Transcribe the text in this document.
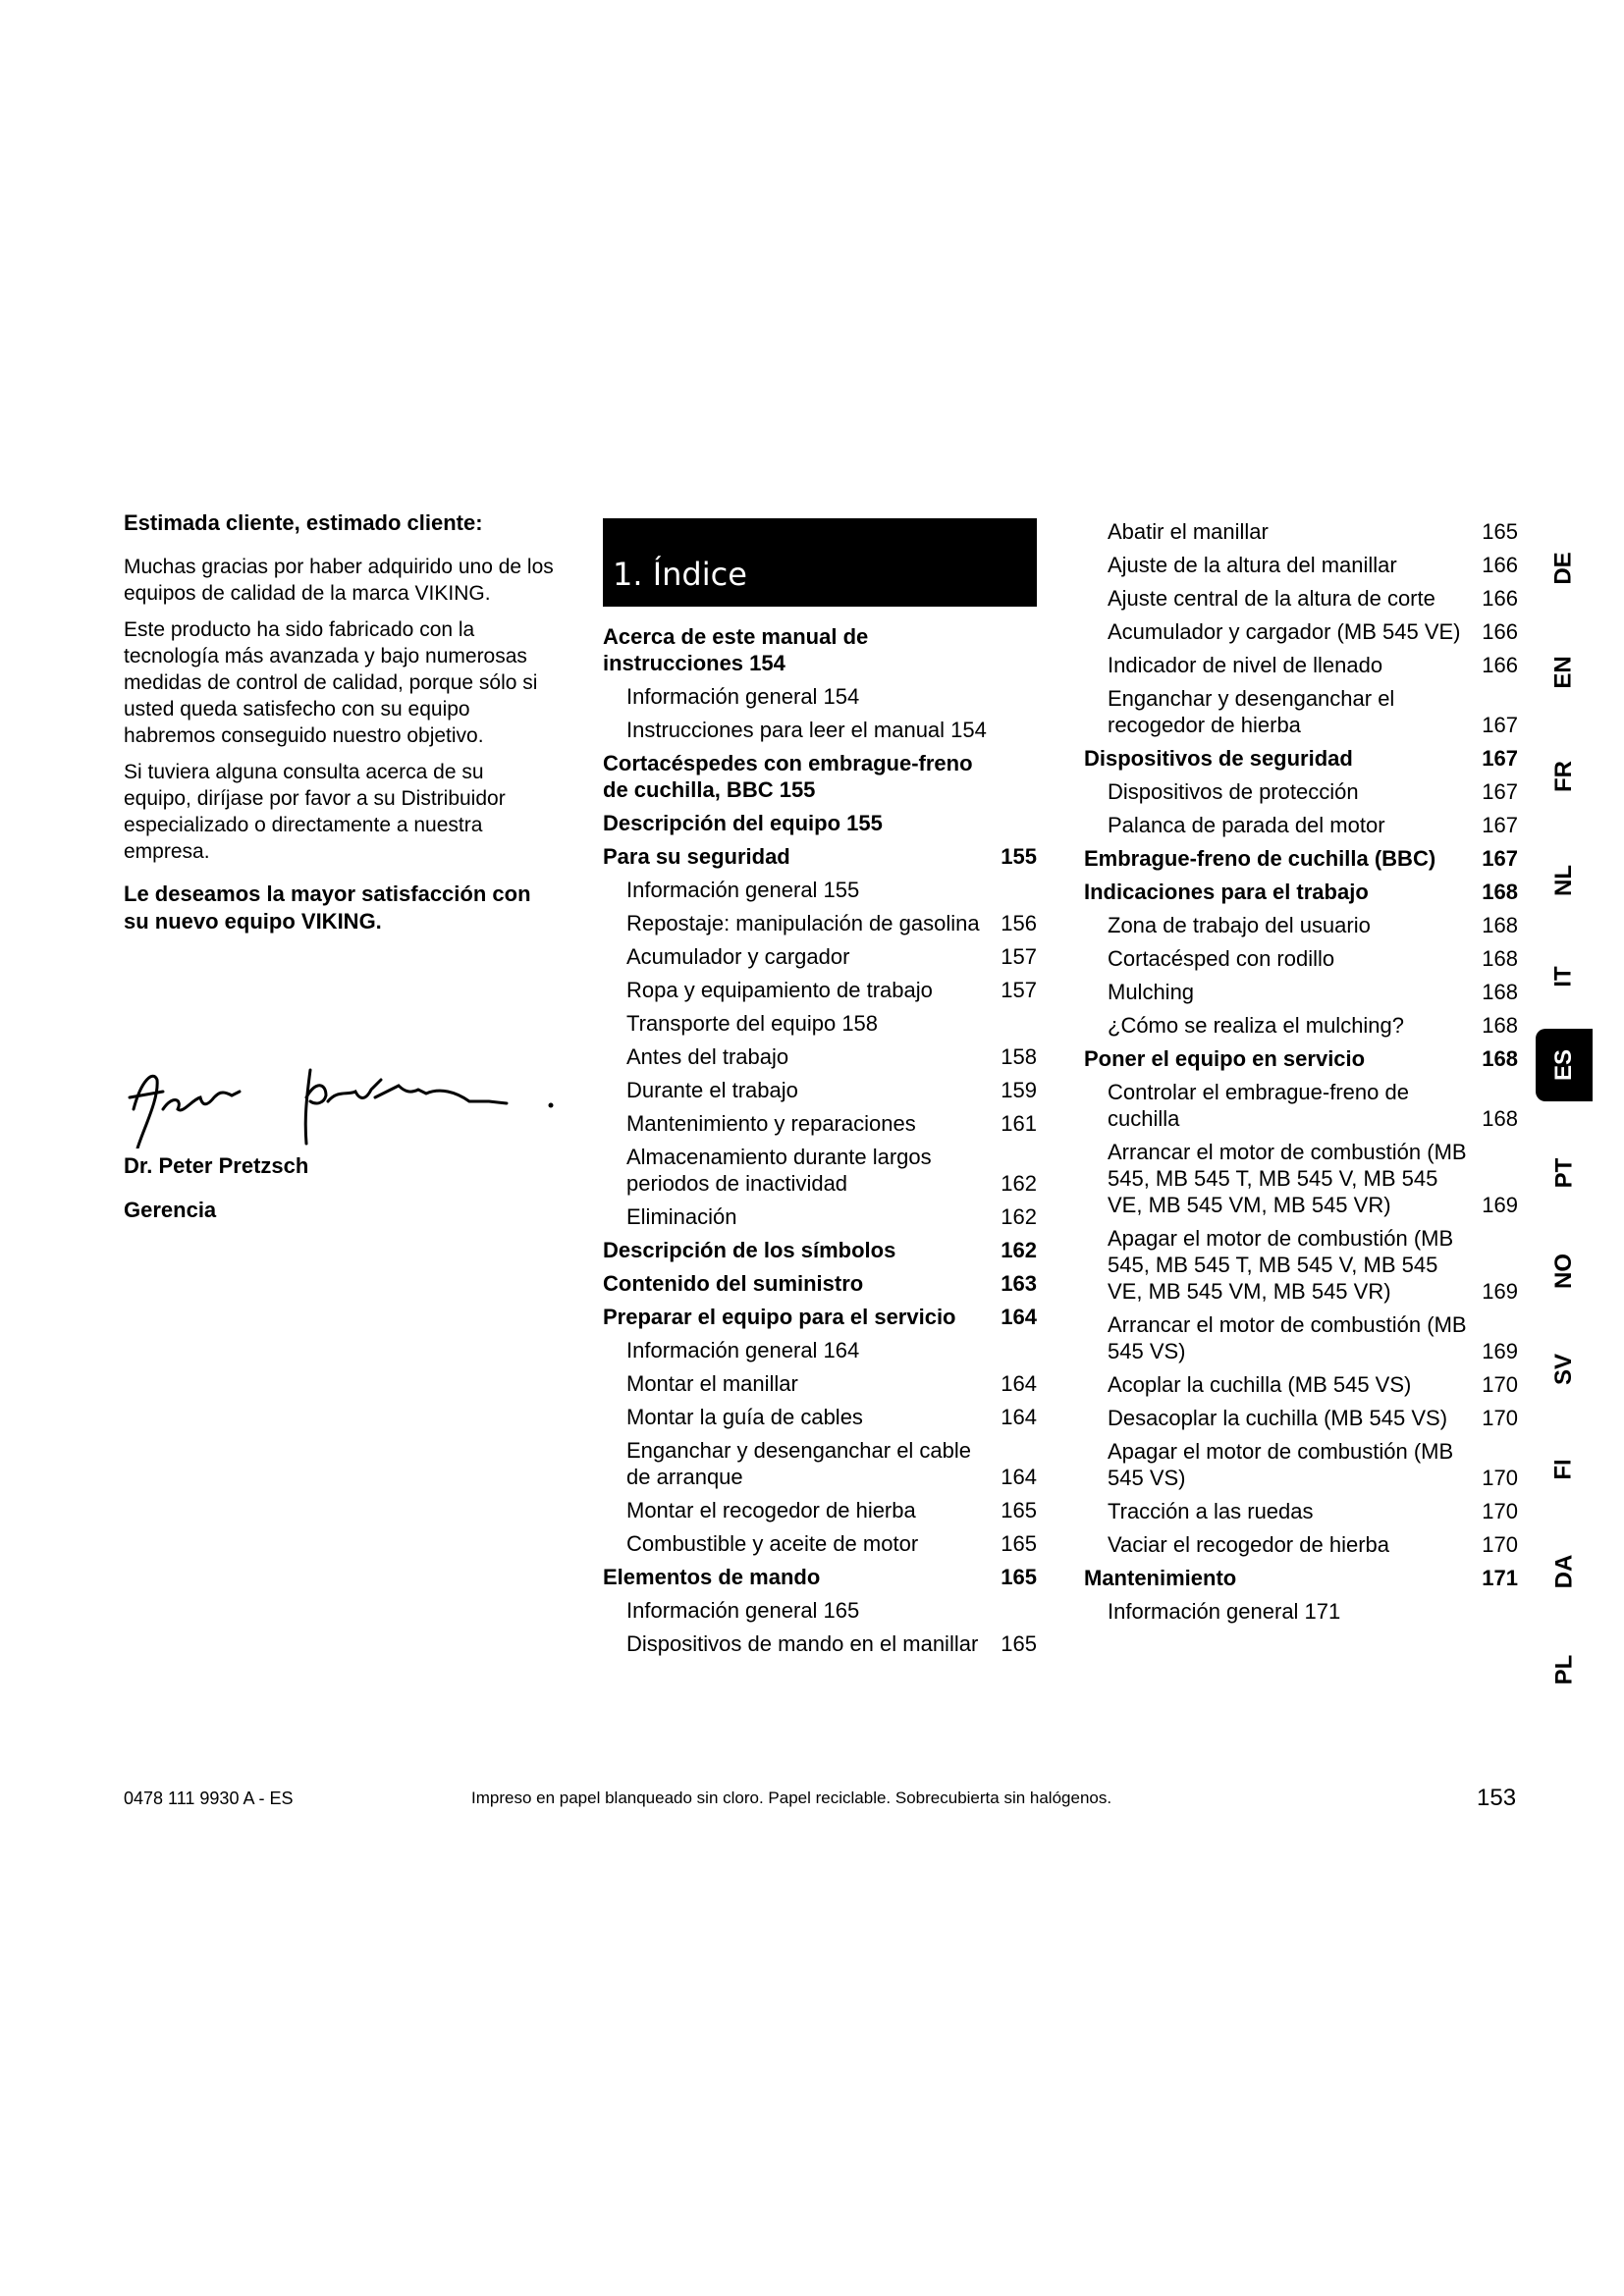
Estimada cliente, estimado cliente:

Muchas gracias por haber adquirido uno de los equipos de calidad de la marca VIKING.

Este producto ha sido fabricado con la tecnología más avanzada y bajo numerosas medidas de control de calidad, porque sólo si usted queda satisfecho con su equipo habremos conseguido nuestro objetivo.

Si tuviera alguna consulta acerca de su equipo, diríjase por favor a su Distribuidor especializado o directamente a nuestra empresa.

Le deseamos la mayor satisfacción con su nuevo equipo VIKING.
Dr. Peter Pretzsch
Gerencia
1. Índice
Acerca de este manual de instrucciones 154
Información general 154
Instrucciones para leer el manual 154
Cortacéspedes con embrague-freno de cuchilla, BBC 155
Descripción del equipo 155
Para su seguridad	155
Información general 155
Repostaje: manipulación de gasolina 156
Acumulador y cargador	157
Ropa y equipamiento de trabajo	157
Transporte del equipo 158
Antes del trabajo	158
Durante el trabajo	159
Mantenimiento y reparaciones	161
Almacenamiento durante largos periodos de inactividad	162
Eliminación	162
Descripción de los símbolos	162
Contenido del suministro	163
Preparar el equipo para el servicio	164
Información general 164
Montar el manillar	164
Montar la guía de cables	164
Enganchar y desenganchar el cable de arranque	164
Montar el recogedor de hierba	165
Combustible y aceite de motor	165
Elementos de mando	165
Información general 165
Dispositivos de mando en el manillar	165
Abatir el manillar	165
Ajuste de la altura del manillar	166
Ajuste central de la altura de corte	166
Acumulador y cargador (MB 545 VE) 166
Indicador de nivel de llenado	166
Enganchar y desenganchar el recogedor de hierba	167
Dispositivos de seguridad	167
Dispositivos de protección	167
Palanca de parada del motor	167
Embrague-freno de cuchilla (BBC)	167
Indicaciones para el trabajo	168
Zona de trabajo del usuario	168
Cortacésped con rodillo	168
Mulching	168
¿Cómo se realiza el mulching?	168
Poner el equipo en servicio	168
Controlar el embrague-freno de cuchilla	168
Arrancar el motor de combustión (MB 545, MB 545 T, MB 545 V, MB 545 VE, MB 545 VM, MB 545 VR)	169
Apagar el motor de combustión (MB 545, MB 545 T, MB 545 V, MB 545 VE, MB 545 VM, MB 545 VR)	169
Arrancar el motor de combustión (MB 545 VS)	169
Acoplar la cuchilla (MB 545 VS)	170
Desacoplar la cuchilla (MB 545 VS)	170
Apagar el motor de combustión (MB 545 VS)	170
Tracción a las ruedas	170
Vaciar el recogedor de hierba	170
Mantenimiento	171
Información general 171
DE
EN
FR
NL
IT
ES
PT
NO
SV
FI
DA
PL
0478 111 9930 A - ES	Impreso en papel blanqueado sin cloro. Papel reciclable. Sobrecubierta sin halógenos.	153
